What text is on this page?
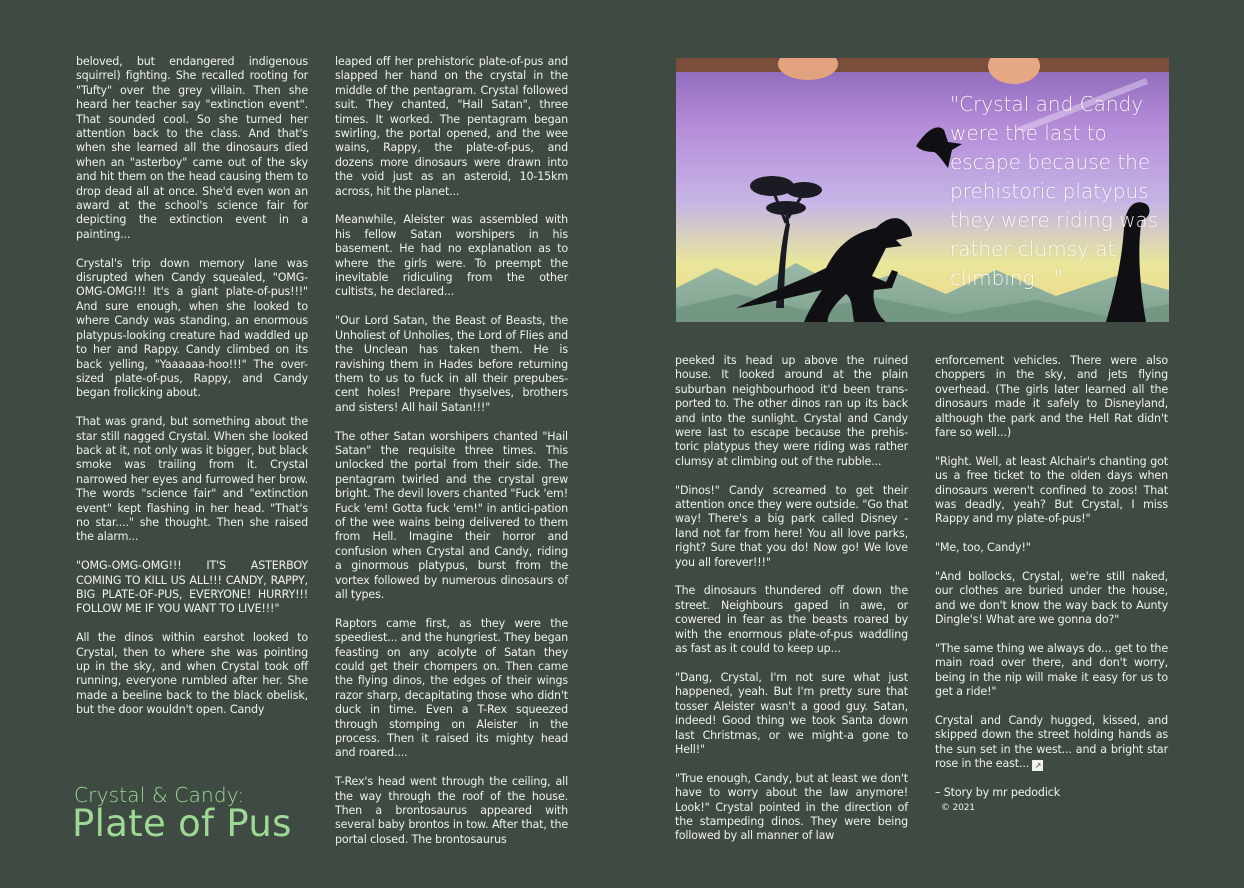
beloved, but endangered indigenous squirrel) fighting. She recalled rooting for "Tufty" over the grey villain. Then she heard her teacher say "extinction event". That sounded cool. So she turned her attention back to the class. And that's when she learned all the dinosaurs died when an "asterboy" came out of the sky and hit them on the head causing them to drop dead all at once. She'd even won an award at the school's science fair for depicting the extinction event in a painting...

Crystal's trip down memory lane was disrupted when Candy squealed, "OMG-OMG-OMG!!! It's a giant plate-of-pus!!!" And sure enough, when she looked to where Candy was standing, an enormous platypus-looking creature had waddled up to her and Rappy. Candy climbed on its back yelling, "Yaaaaaa-hoo!!!" The over-sized plate-of-pus, Rappy, and Candy began frolicking about.

That was grand, but something about the star still nagged Crystal. When she looked back at it, not only was it bigger, but black smoke was trailing from it. Crystal narrowed her eyes and furrowed her brow. The words "science fair" and "extinction event" kept flashing in her head. "That's no star...." she thought. Then she raised the alarm...

"OMG-OMG-OMG!!! IT'S ASTERBOY COMING TO KILL US ALL!!! CANDY, RAPPY, BIG PLATE-OF-PUS, EVERYONE! HURRY!!! FOLLOW ME IF YOU WANT TO LIVE!!!"

All the dinos within earshot looked to Crystal, then to where she was pointing up in the sky, and when Crystal took off running, everyone rumbled after her. She made a beeline back to the black obelisk, but the door wouldn't open. Candy

Crystal & Candy:
Plate of Pus

leaped off her prehistoric plate-of-pus and slapped her hand on the crystal in the middle of the pentagram. Crystal followed suit. They chanted, "Hail Satan", three times. It worked. The pentagram began swirling, the portal opened, and the wee wains, Rappy, the plate-of-pus, and dozens more dinosaurs were drawn into the void just as an asteroid, 10-15km across, hit the planet...

Meanwhile, Aleister was assembled with his fellow Satan worshipers in his basement. He had no explanation as to where the girls were. To preempt the inevitable ridiculing from the other cultists, he declared...

"Our Lord Satan, the Beast of Beasts, the Unholiest of Unholies, the Lord of Flies and the Unclean has taken them. He is ravishing them in Hades before returning them to us to fuck in all their prepubes-cent holes! Prepare thyselves, brothers and sisters! All hail Satan!!!"

The other Satan worshipers chanted "Hail Satan" the requisite three times. This unlocked the portal from their side. The pentagram twirled and the crystal grew bright. The devil lovers chanted "Fuck 'em! Fuck 'em! Gotta fuck 'em!" in antici-pation of the wee wains being delivered to them from Hell. Imagine their horror and confusion when Crystal and Candy, riding a ginormous platypus, burst from the vortex followed by numerous dinosaurs of all types.

Raptors came first, as they were the speediest... and the hungriest. They began feasting on any acolyte of Satan they could get their chompers on. Then came the flying dinos, the edges of their wings razor sharp, decapitating those who didn't duck in time. Even a T-Rex squeezed through stomping on Aleister in the process. Then it raised its mighty head and roared....

T-Rex's head went through the ceiling, all the way through the roof of the house. Then a brontosaurus appeared with several baby brontos in tow. After that, the portal closed. The brontosaurus

"Crystal and Candy were the last to escape because the prehistoric platypus they were riding was rather clumsy at climbing..."

peeked its head up above the ruined house. It looked around at the plain suburban neighbourhood it'd been trans-ported to. The other dinos ran up its back and into the sunlight. Crystal and Candy were last to escape because the prehis-toric platypus they were riding was rather clumsy at climbing out of the rubble...

"Dinos!" Candy screamed to get their attention once they were outside. "Go that way! There's a big park called Disney -land not far from here! You all love parks, right? Sure that you do! Now go! We love you all forever!!!"

The dinosaurs thundered off down the street. Neighbours gaped in awe, or cowered in fear as the beasts roared by with the enormous plate-of-pus waddling as fast as it could to keep up...

"Dang, Crystal, I'm not sure what just happened, yeah. But I'm pretty sure that tosser Aleister wasn't a good guy. Satan, indeed! Good thing we took Santa down last Christmas, or we might-a gone to Hell!"

"True enough, Candy, but at least we don't have to worry about the law anymore! Look!" Crystal pointed in the direction of the stampeding dinos. They were being followed by all manner of law

enforcement vehicles. There were also choppers in the sky, and jets flying overhead. (The girls later learned all the dinosaurs made it safely to Disneyland, although the park and the Hell Rat didn't fare so well...)

"Right. Well, at least Alchair's chanting got us a free ticket to the olden days when dinosaurs weren't confined to zoos! That was deadly, yeah? But Crystal, I miss Rappy and my plate-of-pus!"

"Me, too, Candy!"

"And bollocks, Crystal, we're still naked, our clothes are buried under the house, and we don't know the way back to Aunty Dingle's! What are we gonna do?"

"The same thing we always do... get to the main road over there, and don't worry, being in the nip will make it easy for us to get a ride!"

Crystal and Candy hugged, kissed, and skipped down the street holding hands as the sun set in the west... and a bright star rose in the east... ↗

– Story by mr pedodick
© 2021
